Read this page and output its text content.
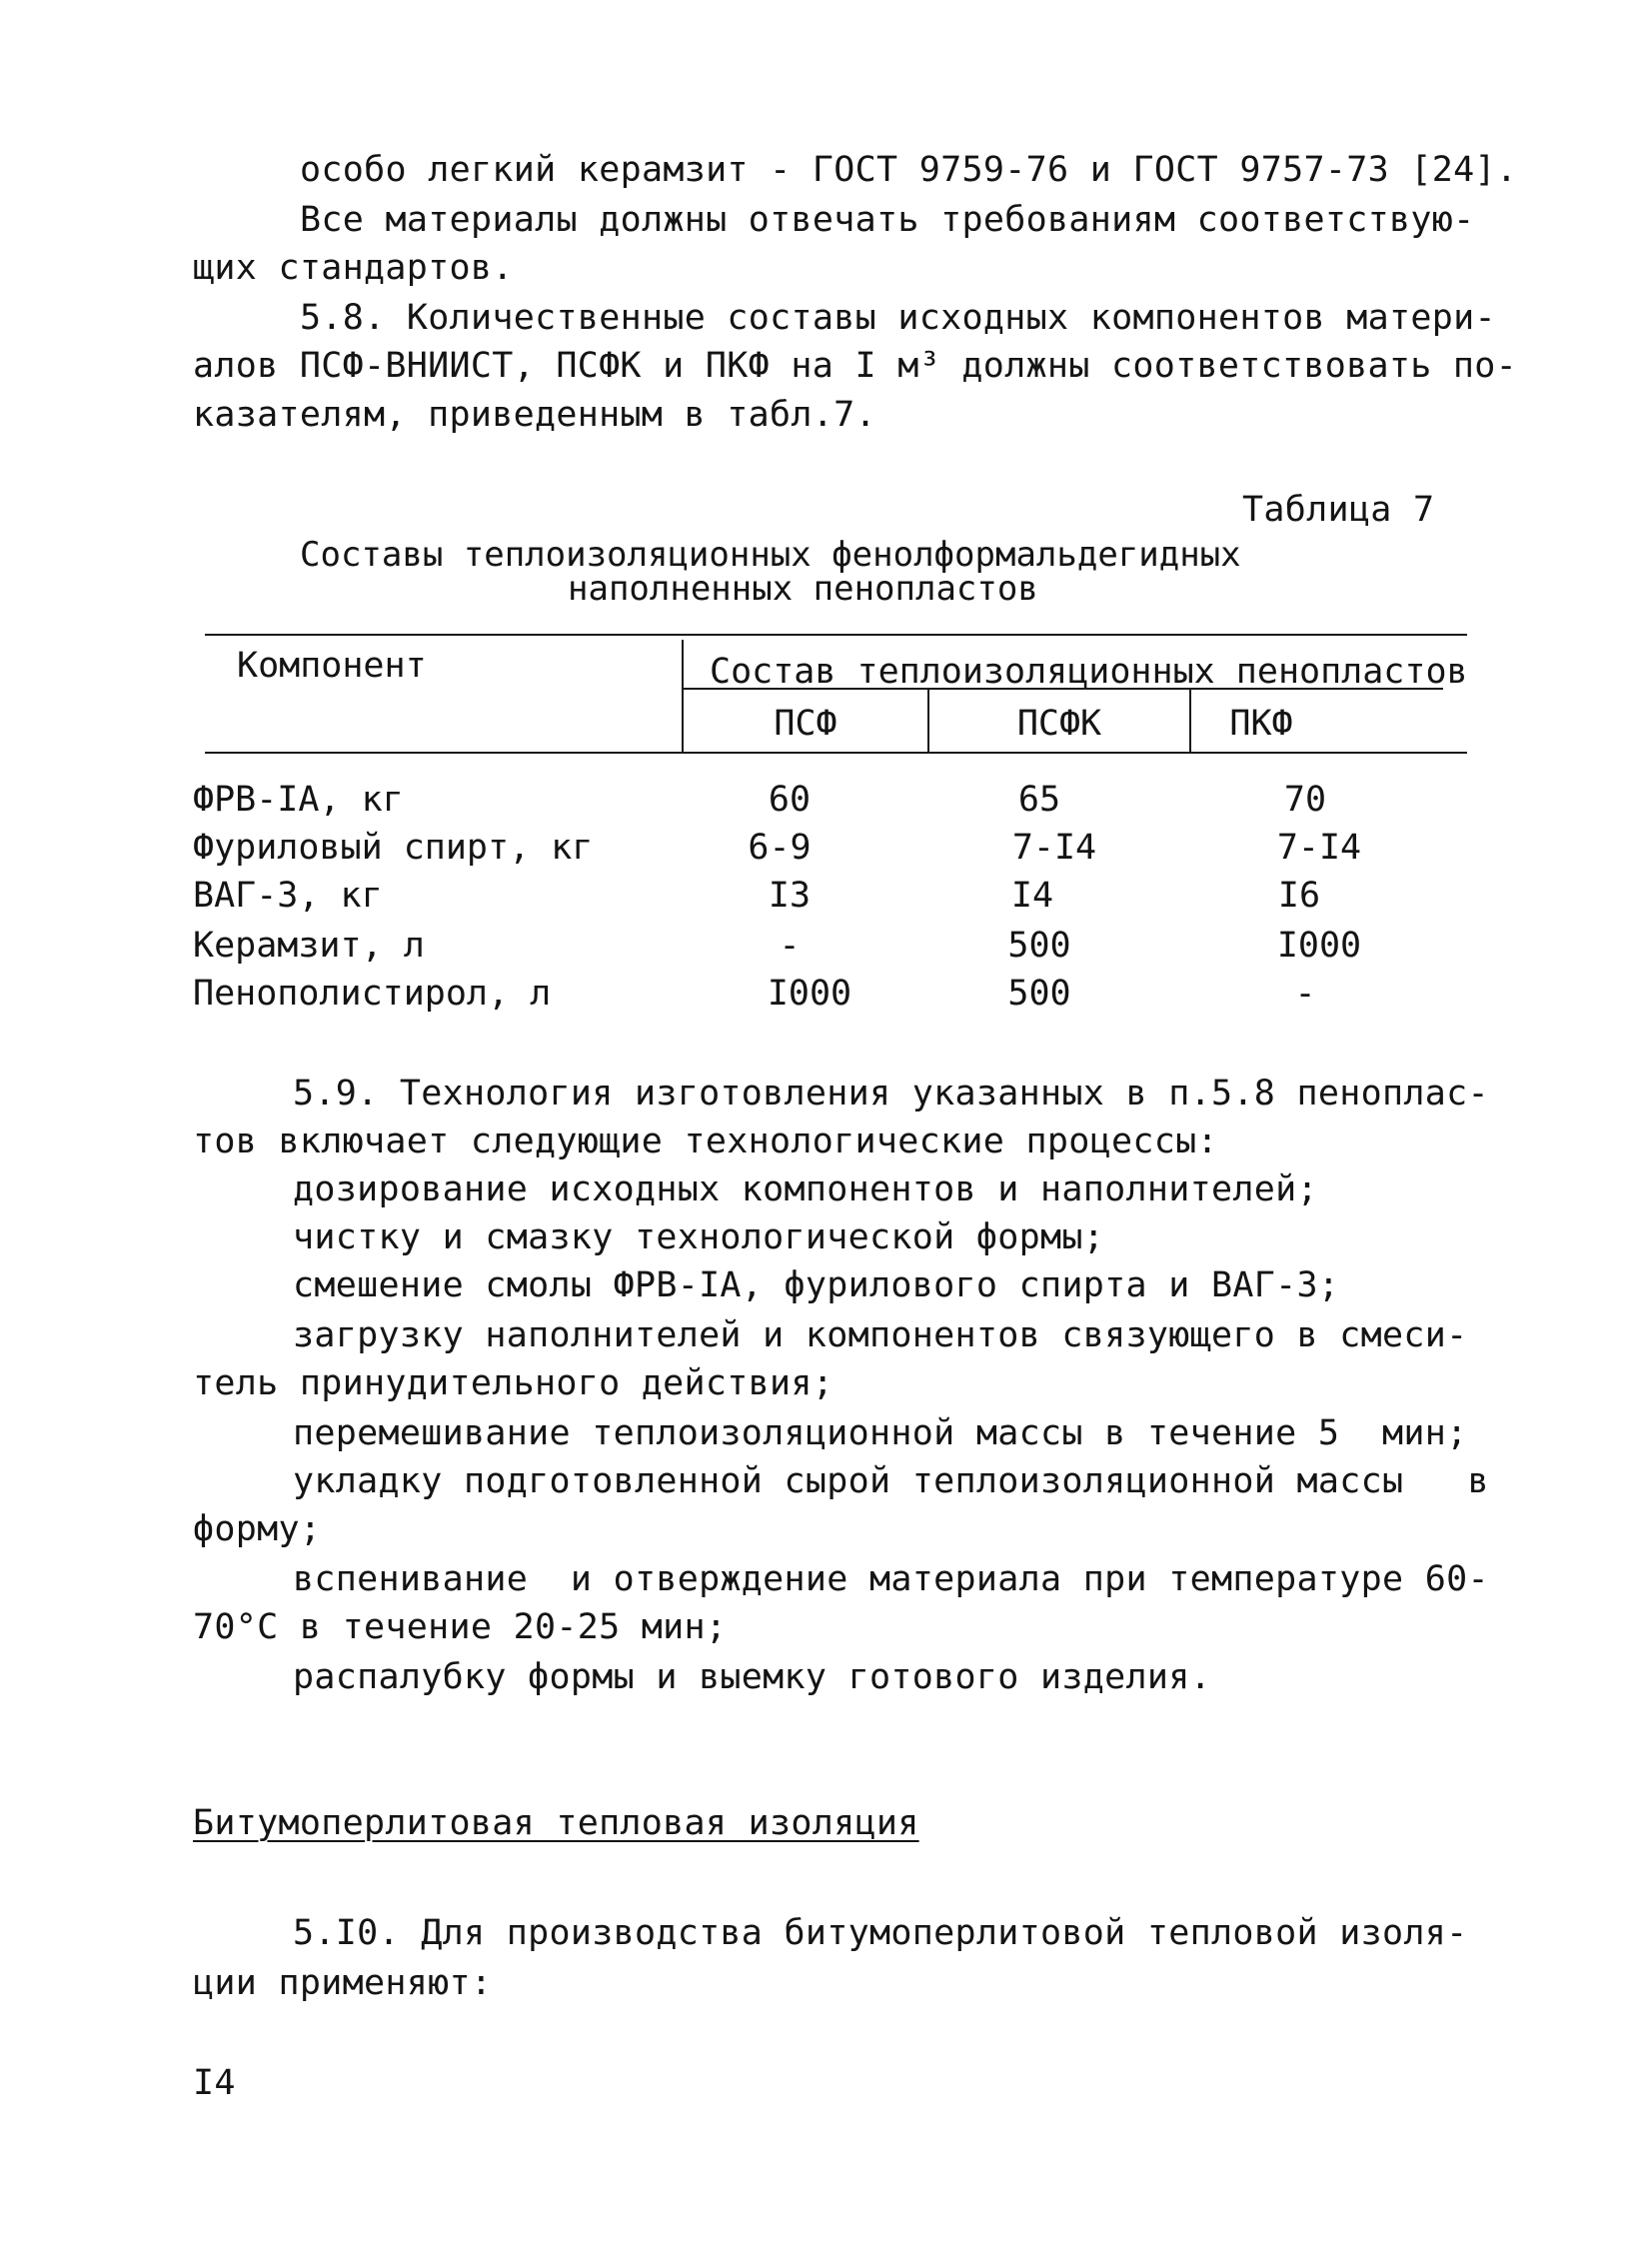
особо легкий керамзит - ГОСТ 9759-76 и ГОСТ 9757-73 [24].
Все материалы должны отвечать требованиям соответствую-
щих стандартов.
5.8. Количественные составы исходных компонентов матери-
алов ПСФ-ВНИИСТ, ПСФК и ПКФ на I м³ должны соответствовать по-
казателям, приведенным в табл.7.
Таблица 7
Составы теплоизоляционных фенолформальдегидных
наполненных пенопластов
Компонент	Состав теплоизоляционных пенопластов
ПСФ	ПСФК	ПКФ
ФРВ-IА, кг	60	65	70
Фуриловый спирт, кг	6-9	7-I4	7-I4
ВАГ-3, кг	I3	I4	I6
Керамзит, л	-	500	I000
Пенополистирол, л	I000	500	-
5.9. Технология изготовления указанных в п.5.8 пеноплас-
тов включает следующие технологические процессы:
дозирование исходных компонентов и наполнителей;
чистку и смазку технологической формы;
смешение смолы ФРВ-IА, фурилового спирта и ВАГ-3;
загрузку наполнителей и компонентов связующего в смеси-
тель принудительного действия;
перемешивание теплоизоляционной массы в течение 5  мин;
укладку подготовленной сырой теплоизоляционной массы   в
форму;
вспенивание  и отверждение материала при температуре 60-
70°С в течение 20-25 мин;
распалубку формы и выемку готового изделия.
Битумоперлитовая тепловая изоляция
5.I0. Для производства битумоперлитовой тепловой изоля-
ции применяют:
I4
